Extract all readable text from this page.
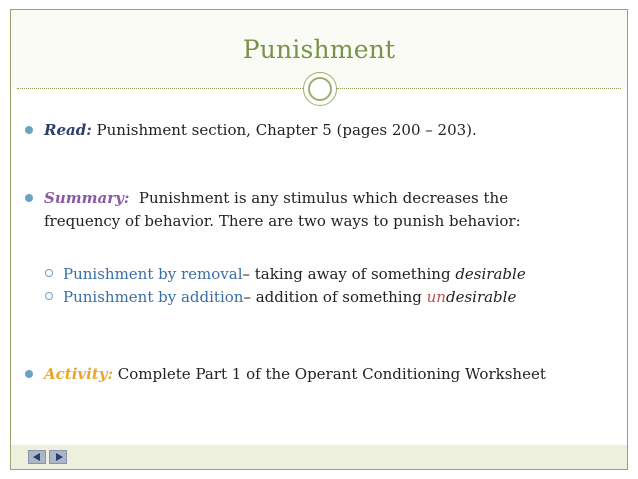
Punishment
Read: Punishment section, Chapter 5 (pages 200 – 203).
Summary:  Punishment is any stimulus which decreases the
frequency of behavior. There are two ways to punish behavior:
Punishment by removal– taking away of something desirable
Punishment by addition– addition of something undesirable
Activity: Complete Part 1 of the Operant Conditioning Worksheet
